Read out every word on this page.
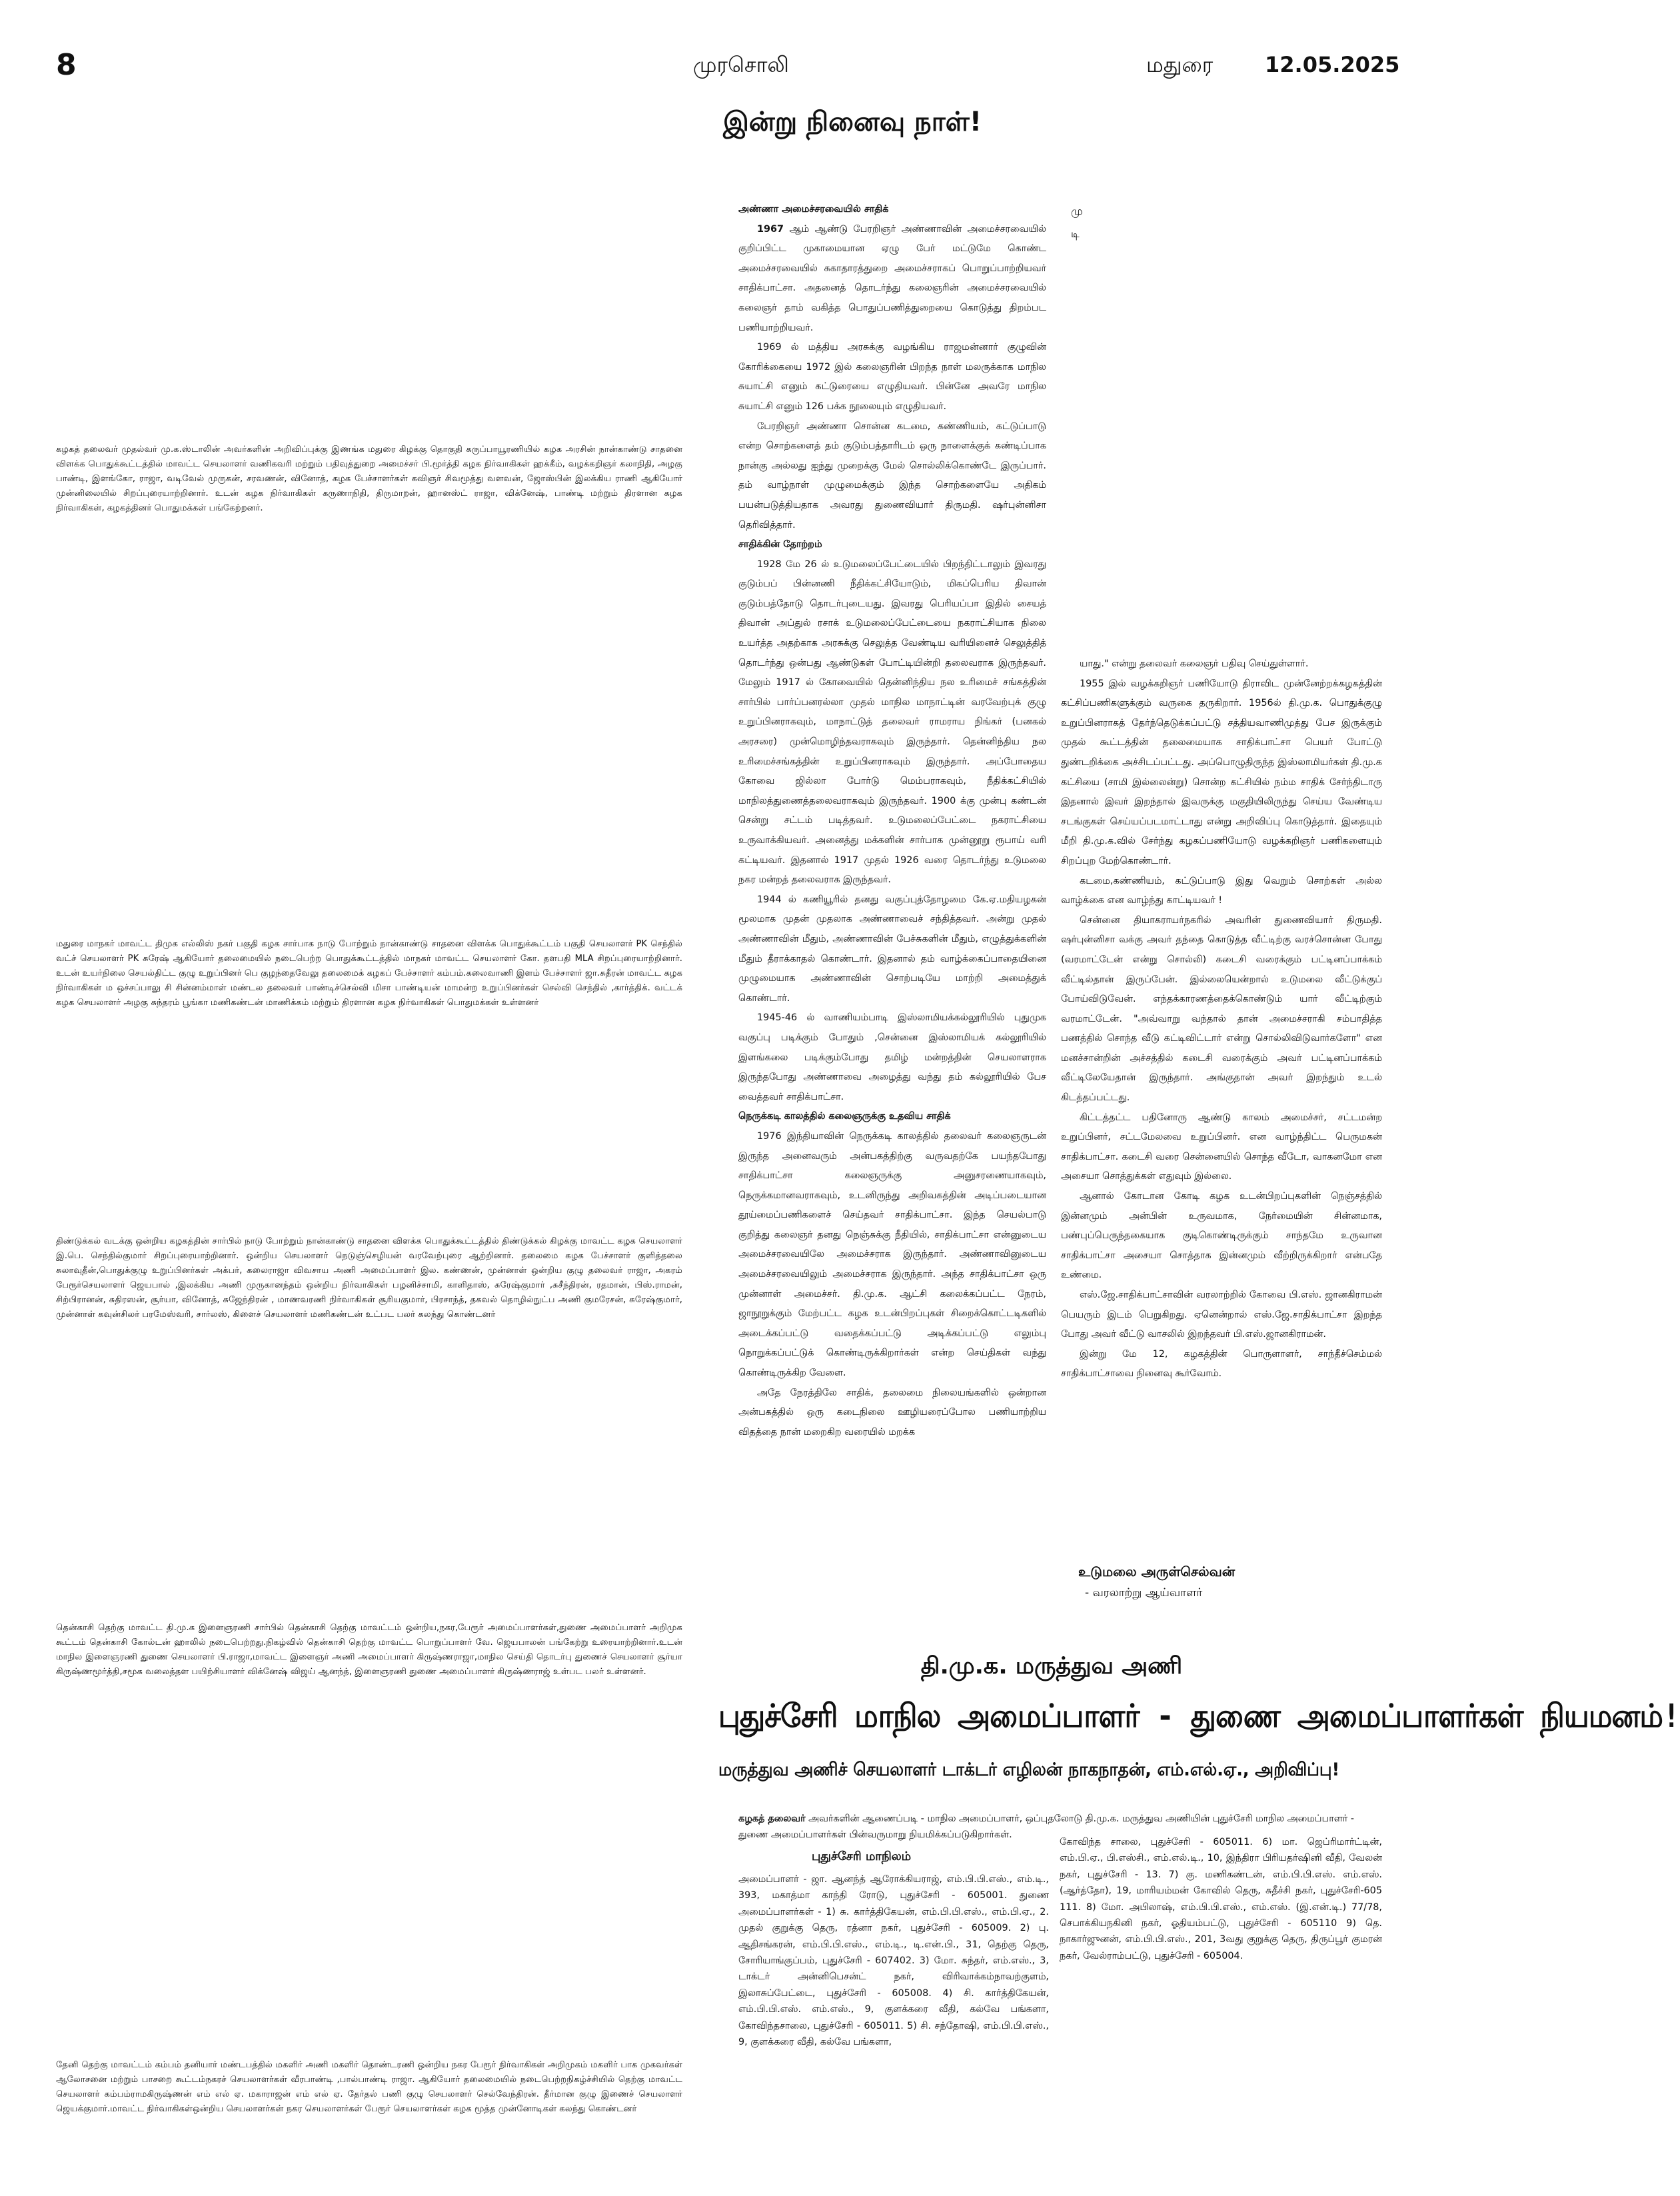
8	முரசொலி	மதுரை 12.05.2025
இன்று நினைவு நாள்!
கழகத் தலைவர் முதல்வர் மு.க.ஸ்டாலின் அவர்களின் அறிவிப்புக்கு இணங்க மதுரை கிழக்கு தொகுதி கருப்பாயூரணியில் கழக அரசின் நான்காண்டு சாதனை விளக்க பொதுக்கூட்டத்தில் மாவட்ட செயலாளர் வணிகவரி மற்றும் பதிவுத்துறை அமைச்சர் பி.மூர்த்தி கழக நிர்வாகிகள் ஹக்கீம், வழக்கறிஞர் கலாநிதி, அழகு பாண்டி, இளங்கோ, ராஜா, வடிவேல் முருகன், சரவணன், வினோத், கழக பேச்சாளர்கள் கவிஞர் சிவமூத்து வளவன், ஜோஸ்பின் இலக்கிய ராணி ஆகியோர் முன்னிலையில் சிறப்புரையாற்றினார். உடன் கழக நிர்வாகிகள் கருணாநிதி, திருமாறன், ஹானஸ்ட் ராஜா, விக்னேஷ், பாண்டி மற்றும் திரளான கழக நிர்வாகிகள், கழகத்தினர் பொதுமக்கள் பங்கேற்றனர்.
மதுரை மாநகர் மாவட்ட திமுக எல்லிஸ் நகர் பகுதி கழக சார்பாக நாடு போற்றும் நான்காண்டு சாதனை விளக்க பொதுக்கூட்டம் பகுதி செயலாளர் PK செந்தில் வட்ச் செயலாளர் PK சுரேஷ் ஆகியோர் தலைமையில் நடைபெற்ற பொதுக்கூட்டத்தில் மாநகர் மாவட்ட செயலாளர் கோ. தளபதி MLA சிறப்புரையாற்றினார். உடன் உயர்நிலை செயல்திட்ட குழு உறுப்பினர் பெ குழந்தைவேலு தலைமைக் கழகப் பேச்சாளர் கம்பம்.கலைவாணி இளம் பேச்சாளர் ஜா.சுதீரன் மாவட்ட கழக நிர்வாகிகள் ம ஒச்சப்பாலு சி சின்னம்மாள் மண்டல தலைவர் பாண்டிச்செல்வி மிசா பாண்டியன் மாமன்ற உறுப்பினர்கள் செல்வி செந்தில் ,கார்த்திக். வட்டக் கழக செயலாளர் அழகு சுந்தரம் பூங்கா மணிகண்டன் மாணிக்கம் மற்றும் திரளான கழக நிர்வாகிகள் பொதுமக்கள் உள்ளனர்
திண்டுக்கல் வடக்கு ஒன்றிய கழகத்தின் சார்பில் நாடு போற்றும் நான்காண்டு சாதனை விளக்க பொதுக்கூட்டத்தில் திண்டுக்கல் கிழக்கு மாவட்ட கழக செயலாளர் இ.பெ. செந்தில்குமார் சிறப்புரையாற்றினார். ஒன்றிய செயலாளர் நெடுஞ்செழியன் வரவேற்புரை ஆற்றினார். தலைமை கழக பேச்சாளர் குளித்தலை சுலாவுதீன்,பொதுக்குழு உறுப்பினர்கள் அக்பர், கலைராஜா விவசாய அணி அமைப்பாளர் இல. கண்ணன், முன்னாள் ஒன்றிய குழு தலைவர் ராஜா, அகரம் பேரூர்செயலாளர் ஜெயபால் ,இலக்கிய அணி முருகானந்தம் ஒன்றிய நிர்வாகிகள் பழனிச்சாமி, காளிதாஸ், சுரேஷ்குமார் ,சுசீந்திரன், ரதமான், பிஸ்.ராமன், சிற்பிரானன், சுதிரஸன், சூர்யா, வினோத், சுஜேந்திரன் , மாணவரணி நிர்வாகிகள் சூரியகுமார், பிரசாந்த், தகவல் தொழில்நுட்ப அணி குமரேசன், சுரேஷ்குமார், முன்னாள் கவுன்சிலர் பரமேஸ்வரி, சார்லஸ், கிளைச் செயலாளர் மணிகண்டன் உட்பட பலர் கலந்து கொண்டனர்
தென்காசி தெற்கு மாவட்ட தி.மு.க இளைஞரணி சார்பில் தென்காசி தெற்கு மாவட்டம் ஒன்றிய,நகர,பேரூர் அமைப்பாளர்கள்,துணை அமைப்பாளர் அறிமுக கூட்டம் தென்காசி கோல்டன் ஹாலில் நடைபெற்றது.நிகழ்வில் தென்காசி தெற்கு மாவட்ட பொறுப்பாளர் வே. ஜெயபாலன் பங்கேற்று உரையாற்றினார்.உடன் மாநில இளைஞரணி துணை செயலாளர் பி.ராஜா,மாவட்ட இளைஞர் அணி அமைப்பாளர் கிருஷ்ணராஜா,மாநில செய்தி தொடர்பு துணைச் செயலாளர் சூர்யா கிருஷ்ணமூர்த்தி,சமூக வலைத்தள பயிற்சியாளர் விக்னேஷ் விஜய் ஆனந்த், இளைஞரணி துணை அமைப்பாளர் கிருஷ்ணராஜ் உள்பட பலர் உள்ளனர்.
தேனி தெற்கு மாவட்டம் கம்பம் தனியார் மண்டபத்தில் மகளிர் அணி மகளிர் தொண்டரணி ஒன்றிய நகர பேரூர் நிர்வாகிகள் அறிமுகம் மகளிர் பாக முகவர்கள் ஆலோசனை மற்றும் பாசறை கூட்டம்நகரச் செயலாளர்கள் வீரபாண்டி ,பால்பாண்டி ராஜா. ஆகியோர் தலைமையில் நடைபெற்றநிகழ்ச்சியில் தெற்கு மாவட்ட செயலாளர் கம்பம்ராமகிருஷ்ணன் எம் எல் ஏ. மகாராஜன் எம் எல் ஏ. தேர்தல் பணி குழு செயலாளர் செல்வேந்திரன். தீர்மான குழு இணைச் செயலாளர் ஜெயக்குமார்.மாவட்ட நிர்வாகிகள்ஒன்றிய செயலாளர்கள் நகர செயலாளர்கள் பேரூர் செயலாளர்கள் கழக மூத்த முன்னோடிகள் கலந்து கொண்டனர்
மு
டி

அண்ணா அமைச்சரவையில் சாதிக்

1967 ஆம் ஆண்டு பேரறிஞர் அண்ணாவின் அமைச்சரவையில் குறிப்பிட்ட முகாமையான ஏழு பேர் மட்டுமே கொண்ட அமைச்சரவையில் சுகாதாரத்துறை அமைச்சராகப் பொறுப்பாற்றியவர் சாதிக்பாட்சா. அதனைத் தொடர்ந்து கலைஞரின் அமைச்சரவையில் கலைஞர் தாம் வகித்த பொதுப்பணித்துறையை கொடுத்து திறம்பட பணியாற்றியவர்.

1969 ல் மத்திய அரசுக்கு வழங்கிய ராஜமன்னார் குழுவின் கோரிக்கையை 1972 இல் கலைஞரின் பிறந்த நாள் மலருக்காக மாநில சுயாட்சி எனும் கட்டுரையை எழுதியவர். பின்னே அவரே மாநில சுயாட்சி எனும் 126 பக்க நூலையும் எழுதியவர்.

பேரறிஞர் அண்ணா சொன்ன கடமை, கண்ணியம், கட்டுப்பாடு என்ற சொற்களைத் தம் குடும்பத்தாரிடம் ஒரு நாளைக்குக் கண்டிப்பாக நான்கு அல்லது ஐந்து முறைக்கு மேல் சொல்லிக்கொண்டே இருப்பார். தம் வாழ்நாள் முழுமைக்கும் இந்த சொற்களையே அதிகம் பயன்படுத்தியதாக அவரது துணைவியார் திருமதி. ஷர்புன்னிசா தெரிவித்தார்.

சாதிக்கின் தோற்றம்

1928 மே 26 ல் உடுமலைப்பேட்டையில் பிறந்திட்டாலும் இவரது குடும்பப் பின்னணி நீதிக்கட்சியோடும், மிகப்பெரிய திவான் குடும்பத்தோடு தொடர்புடையது. இவரது பெரியப்பா இதில் சையத் திவான் அப்துல் ரசாக் உடுமலைப்பேட்டையை நகராட்சியாக நிலை உயர்த்த அதற்காக அரசுக்கு செலுத்த வேண்டிய வரியினைச் செலுத்தித் தொடர்ந்து ஒன்பது ஆண்டுகள் போட்டியின்றி தலைவராக இருந்தவர். மேலும் 1917 ல் கோவையில் தென்னிந்திய நல உரிமைச் சங்கத்தின் சார்பில் பார்ப்பனரல்லா முதல் மாநில மாநாட்டின் வரவேற்புக் குழு உறுப்பினராகவும், மாநாட்டுத் தலைவர் ராமராய நிங்கர் (பனகல் அரசரை) முன்மொழிந்தவராகவும் இருந்தார். தென்னிந்திய நல உரிமைச்சங்கத்தின் உறுப்பினராகவும் இருந்தார். அப்போதைய கோவை ஜில்லா போர்டு மெம்பராகவும், நீதிக்கட்சியில் மாநிலத்துணைத்தலைவராகவும் இருந்தவர். 1900 க்கு முன்பு கண்டன் சென்று சட்டம் படித்தவர். உடுமலைப்பேட்டை நகராட்சியை உருவாக்கியவர். அனைத்து மக்களின் சார்பாக முன்னூறு ரூபாய் வரி கட்டியவர். இதனால் 1917 முதல் 1926 வரை தொடர்ந்து உடுமலை நகர மன்றத் தலைவராக இருந்தவர்.

1944 ல் கணியூரில் தனது வகுப்புத்தோழமை கே.ஏ.மதியழகன் மூலமாக முதன் முதலாக அண்ணாவைச் சந்தித்தவர். அன்று முதல் அண்ணாவின் மீதும், அண்ணாவின் பேச்சுகளின் மீதும், எழுத்துக்களின் மீதும் தீராக்காதல் கொண்டார். இதனால் தம் வாழ்க்கைப்பாதையினை முழுமையாக அண்ணாவின் சொற்படியே மாற்றி அமைத்துக் கொண்டார்.

1945-46 ல் வாணியம்பாடி இஸ்லாமியக்கல்லூரியில் புதுமுக வகுப்பு படிக்கும் போதும் ,சென்னை இஸ்லாமியக் கல்லூரியில் இளங்கலை படிக்கும்போது தமிழ் மன்றத்தின் செயலாளராக இருந்தபோது அண்ணாவை அழைத்து வந்து தம் கல்லூரியில் பேச வைத்தவர் சாதிக்பாட்சா.

நெருக்கடி காலத்தில் கலைஞருக்கு உதவிய சாதிக்

1976 இந்தியாவின் நெருக்கடி காலத்தில் தலைவர் கலைஞருடன் இருந்த அனைவரும் அன்பகத்திற்கு வருவதற்கே பயந்தபோது சாதிக்பாட்சா கலைஞருக்கு அனுசரணையாகவும், நெருக்கமானவராகவும், உடனிருந்து அறிவகத்தின் அடிப்படையான தூய்மைப்பணிகளைச் செய்தவர் சாதிக்பாட்சா. இந்த செயல்பாடு குறித்து கலைஞர் தனது நெஞ்சுக்கு நீதியில், சாதிக்பாட்சா என்னுடைய அமைச்சரவையிலே அமைச்சராக இருந்தார். அண்ணாவினுடைய அமைச்சரவையிலும் அமைச்சராக இருந்தார். அந்த சாதிக்பாட்சா ஒரு முன்னாள் அமைச்சர். தி.மு.க. ஆட்சி கலைக்கப்பட்ட நேரம், ஜாநூறுக்கும் மேற்பட்ட கழக உடன்பிறப்புகள் சிறைக்கொட்டடிகளில் அடைக்கப்பட்டு வதைக்கப்பட்டு அடிக்கப்பட்டு எலும்பு நொறுக்கப்பட்டுக் கொண்டிருக்கிறார்கள் என்ற செய்திகள் வந்து கொண்டிருக்கிற வேளை.

அதே நேரத்திலே சாதிக், தலைமை நிலையங்களில் ஒன்றான அன்பகத்தில் ஒரு கடைநிலை ஊழியரைப்போல பணியாற்றிய விதத்தை நான் மறைகிற வரையில் மறக்க

யாது." என்று தலைவர் கலைஞர் பதிவு செய்துள்ளார்.

1955 இல் வழக்கறிஞர் பணியோடு திராவிட முன்னேற்றக்கழகத்தின் கட்சிப்பணிகளுக்கும் வருகை தருகிறார். 1956ல் தி.மு.க. பொதுக்குழு உறுப்பினராகத் தேர்ந்தெடுக்கப்பட்டு சத்தியவாணிமுத்து பேச இருக்கும் முதல் கூட்டத்தின் தலைமையாக சாதிக்பாட்சா பெயர் போட்டு துண்டறிக்கை அச்சிடப்பட்டது. அப்பொழுதிருந்த இஸ்லாமியர்கள் தி.மு.க கட்சியை (சாமி இல்லைன்று) சொன்ற கட்சியில் நம்ம சாதிக் சேர்ந்திடாரு இதனால் இவர் இறந்தால் இவருக்கு மகுதியிலிருந்து செய்ய வேண்டிய சடங்குகள் செய்யப்படமாட்டாது என்று அறிவிப்பு கொடுத்தார். இதையும் மீறி தி.மு.க.வில் சேர்ந்து கழகப்பணியோடு வழக்கறிஞர் பணிகளையும் சிறப்புற மேற்கொண்டார்.

கடமை,கண்ணியம், கட்டுப்பாடு இது வெறும் சொற்கள் அல்ல வாழ்க்கை என வாழ்ந்து காட்டியவர் !

சென்னை தியாகராயர்நகரில் அவரின் துணைவியார் திருமதி. ஷர்புன்னிசா வக்கு அவர் தந்தை கொடுத்த வீட்டிற்கு வரச்சொன்ன போது (வரமாட்டேன் என்று சொல்லி) கடைசி வரைக்கும் பட்டினப்பாக்கம் வீட்டில்தான் இருப்பேன். இல்லையென்றால் உடுமலை வீட்டுக்குப் போய்விடுவேன். எந்தக்காரணத்தைக்கொண்டும் யார் வீட்டிற்கும் வரமாட்டேன். "அவ்வாறு வந்தால் தான் அமைச்சராகி சம்பாதித்த பணத்தில் சொந்த வீடு கட்டிவிட்டார் என்று சொல்லிவிடுவார்களோ" என மனச்சான்றின் அச்சத்தில் கடைசி வரைக்கும் அவர் பட்டினப்பாக்கம் வீட்டிலேயேதான் இருந்தார். அங்குதான் அவர் இறந்தும் உடல் கிடத்தப்பட்டது.

கிட்டத்தட்ட பதினோரு ஆண்டு காலம் அமைச்சர், சட்டமன்ற உறுப்பினர், சட்டமேலவை உறுப்பினர். என வாழ்ந்திட்ட பெருமகன் சாதிக்பாட்சா. கடைசி வரை சென்னையில் சொந்த வீடோ, வாகனமோ என அசையா சொத்துக்கள் எதுவும் இல்லை.

ஆனால் கோடான கோடி கழக உடன்பிறப்புகளின் நெஞ்சத்தில் இன்னமும் அன்பின் உருவமாக, நேர்மையின் சின்னமாக, பண்புப்பெருந்தகையாக குடிகொண்டிருக்கும் சாந்தமே உருவான சாதிக்பாட்சா அசையா சொத்தாக இன்னமும் வீற்றிருக்கிறார் என்பதே உண்மை.

எஸ்.ஜே.சாதிக்பாட்சாவின் வரலாற்றில் கோவை பி.எஸ். ஜானகிராமன் பெயரும் இடம் பெறுகிறது. ஏனென்றால் எஸ்.ஜே.சாதிக்பாட்சா இறந்த போது அவர் வீட்டு வாசலில் இறந்தவர் பி.எஸ்.ஜானகிராமன்.

இன்று மே 12, கழகத்தின் பொருளாளர், சாந்தீச்செம்மல் சாதிக்பாட்சாவை நினைவு கூர்வோம்.

உடுமலை அருள்செல்வன்
- வரலாற்று ஆய்வாளர்
தி.மு.க. மருத்துவ அணி
புதுச்சேரி மாநில அமைப்பாளர் - துணை அமைப்பாளர்கள் நியமனம்!
மருத்துவ அணிச் செயலாளர் டாக்டர் எழிலன் நாகநாதன், எம்.எல்.ஏ., அறிவிப்பு!
கழகத் தலைவர் அவர்களின் ஆணைப்படி - மாநில அமைப்பாளர், ஒப்புதலோடு தி.மு.க. மருத்துவ அணியின் புதுச்சேரி மாநில அமைப்பாளர் - துணை அமைப்பாளர்கள் பின்வருமாறு நியமிக்கப்படுகிறார்கள்.
புதுச்சேரி மாநிலம்
அமைப்பாளர் - ஜா. ஆனந்த் ஆரோக்கியராஜ், எம்.பி.பி.எஸ்., எம்.டி., 393, மகாத்மா காந்தி ரோடு, புதுச்சேரி - 605001. துணை அமைப்பாளர்கள் - 1) சு. கார்த்திகேயன், எம்.பி.பி.எஸ்., எம்.பி.ஏ., 2. முதல் குறுக்கு தெரு, ரத்னா நகர், புதுச்சேரி - 605009. 2) பு. ஆதிசங்கரன், எம்.பி.பி.எஸ்., எம்.டி., டி.என்.பி., 31, தெற்கு தெரு, சோரியாங்குப்பம், புதுச்சேரி - 607402. 3) மோ. சுந்தர், எம்.எஸ்., 3, டாக்டர் அன்னிபெசன்ட் நகர், விரிவாக்கம்நாவற்குளம், இலாசுப்பேட்டை, புதுச்சேரி - 605008. 4) சி. கார்த்திகேயன், எம்.பி.பி.எஸ். எம்.எஸ்., 9, குளக்கரை வீதி, கல்வே பங்களா, கோவிந்தசாலை, புதுச்சேரி - 605011. 5) சி. சந்தோஷி, எம்.பி.பி.எஸ்., 9, குளக்கரை வீதி, கல்வே பங்களா,
கோவிந்த சாலை, புதுச்சேரி - 605011. 6) மா. ஜெப்ரிமார்ட்டின், எம்.பி.ஏ., பி.எஸ்சி., எம்.எல்.டி., 10, இந்திரா பிரியதர்ஷினி வீதி, வேலன் நகர், புதுச்சேரி - 13. 7) கு. மணிகண்டன், எம்.பி.பி.எஸ். எம்.எஸ். (ஆர்த்தோ), 19, மாரியம்மன் கோவில் தெரு, சுதீச்சி நகர், புதுச்சேரி-605 111. 8) மோ. அபிலாஷ், எம்.பி.பி.எஸ்., எம்.எஸ். (இ.என்.டி.) 77/78, செபாக்கியநகினி நகர், ஓதியம்பட்டு, புதுச்சேரி - 605110 9) தெ. நாகார்ஜுனன், எம்.பி.பி.எஸ்., 201, 3வது குறுக்கு தெரு, திருப்பூர் குமரன் நகர், வேல்ராம்பட்டு, புதுச்சேரி - 605004.
